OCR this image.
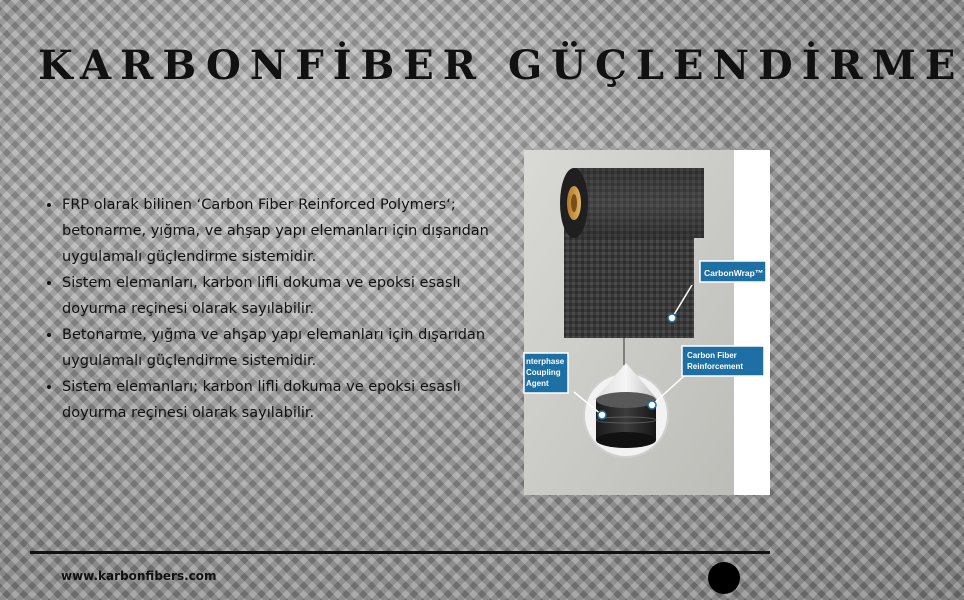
KARBONFİBER GÜÇLENDİRME
• FRP olarak bilinen ‘Carbon Fiber Reinforced Polymers‘; betonarme, yığma, ve ahşap yapı elemanları için dışarıdan uygulamalı güçlendirme sistemidir.
• Sistem elemanları, karbon lifli dokuma ve epoksi esaslı doyurma reçinesi olarak sayılabilir.
• Betonarme, yığma ve ahşap yapı elemanları için dışarıdan uygulamalı güçlendirme sistemidir.
• Sistem elemanları; karbon lifli dokuma ve epoksi esaslı doyurma reçinesi olarak sayılabilir.
CarbonWrap™
Carbon Fiber
Reinforcement
nterphase
Coupling
Agent
www.karbonfibers.com
